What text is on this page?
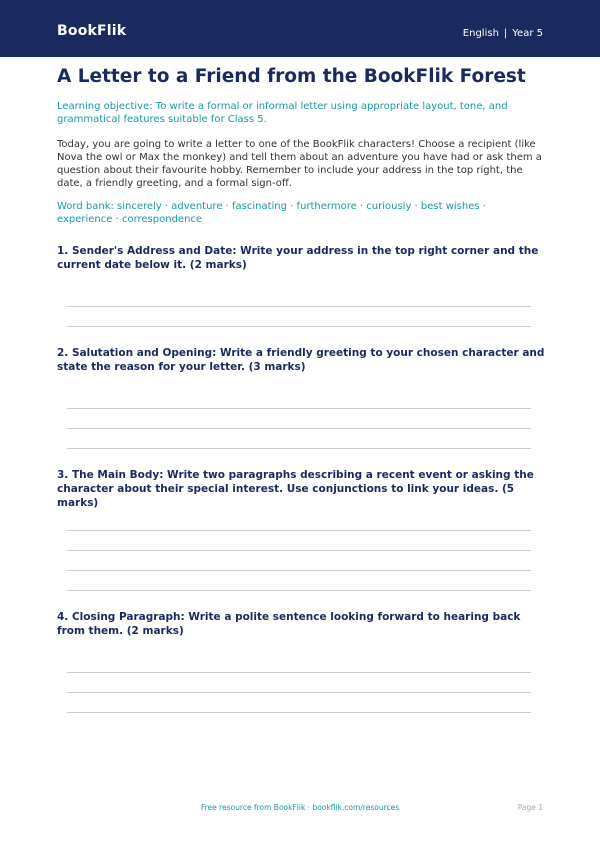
BookFlik	English | Year 5
A Letter to a Friend from the BookFlik Forest
Learning objective: To write a formal or informal letter using appropriate layout, tone, and grammatical features suitable for Class 5.
Today, you are going to write a letter to one of the BookFlik characters! Choose a recipient (like Nova the owl or Max the monkey) and tell them about an adventure you have had or ask them a question about their favourite hobby. Remember to include your address in the top right, the date, a friendly greeting, and a formal sign-off.
Word bank: sincerely · adventure · fascinating · furthermore · curiously · best wishes · experience · correspondence
1. Sender's Address and Date: Write your address in the top right corner and the current date below it. (2 marks)
2. Salutation and Opening: Write a friendly greeting to your chosen character and state the reason for your letter. (3 marks)
3. The Main Body: Write two paragraphs describing a recent event or asking the character about their special interest. Use conjunctions to link your ideas. (5 marks)
4. Closing Paragraph: Write a polite sentence looking forward to hearing back from them. (2 marks)
Free resource from BookFlik · bookflik.com/resources	Page 1
